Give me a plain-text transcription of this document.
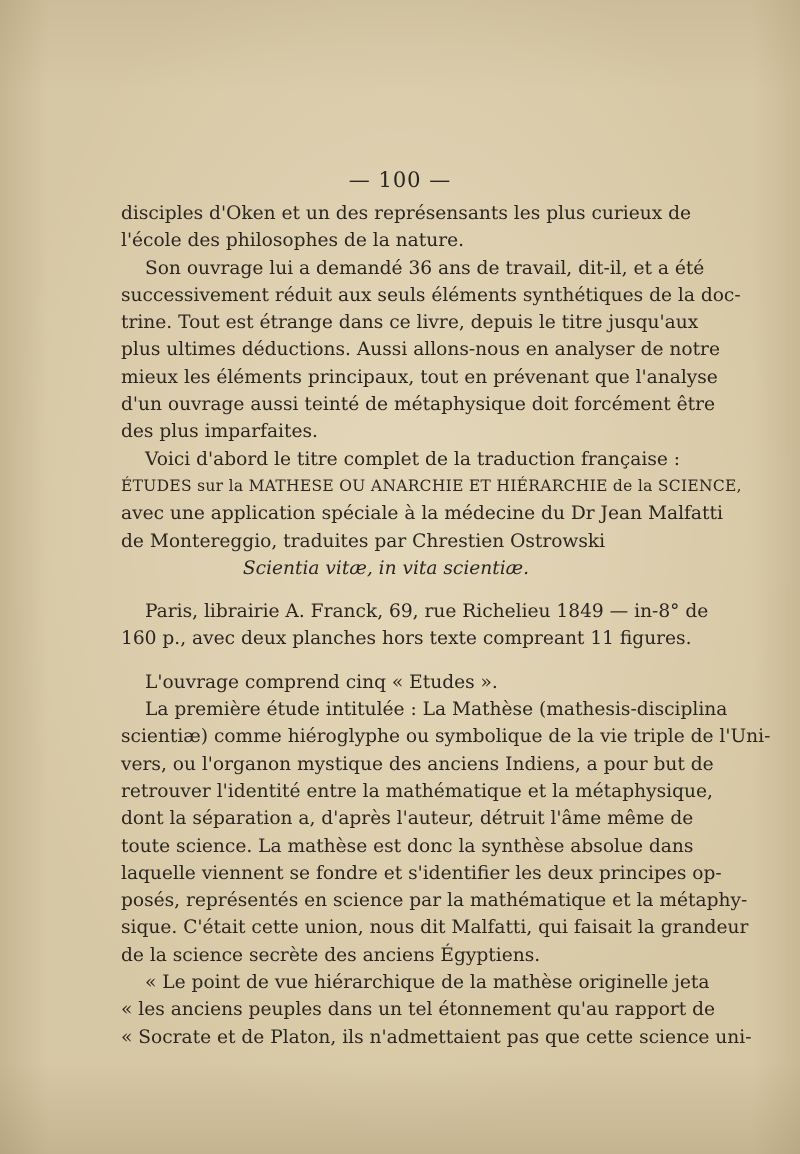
— 100 —
disciples d'Oken et un des représensants les plus curieux de
l'école des philosophes de la nature.
Son ouvrage lui a demandé 36 ans de travail, dit-il, et a été
successivement réduit aux seuls éléments synthétiques de la doc-
trine. Tout est étrange dans ce livre, depuis le titre jusqu'aux
plus ultimes déductions. Aussi allons-nous en analyser de notre
mieux les éléments principaux, tout en prévenant que l'analyse
d'un ouvrage aussi teinté de métaphysique doit forcément être
des plus imparfaites.
Voici d'abord le titre complet de la traduction française :
ÉTUDES sur la MATHESE OU ANARCHIE ET HIÉRARCHIE de la SCIENCE,
avec une application spéciale à la médecine du Dr Jean Malfatti
de Montereggio, traduites par Chrestien Ostrowski
Scientia vitæ, in vita scientiæ.
Paris, librairie A. Franck, 69, rue Richelieu 1849 — in-8° de
160 p., avec deux planches hors texte compreant 11 figures.
L'ouvrage comprend cinq « Etudes ».
La première étude intitulée : La Mathèse (mathesis-disciplina
scientiæ) comme hiéroglyphe ou symbolique de la vie triple de l'Uni-
vers, ou l'organon mystique des anciens Indiens, a pour but de
retrouver l'identité entre la mathématique et la métaphysique,
dont la séparation a, d'après l'auteur, détruit l'âme même de
toute science. La mathèse est donc la synthèse absolue dans
laquelle viennent se fondre et s'identifier les deux principes op-
posés, représentés en science par la mathématique et la métaphy-
sique. C'était cette union, nous dit Malfatti, qui faisait la grandeur
de la science secrète des anciens Égyptiens.
« Le point de vue hiérarchique de la mathèse originelle jeta
« les anciens peuples dans un tel étonnement qu'au rapport de
« Socrate et de Platon, ils n'admettaient pas que cette science uni-
